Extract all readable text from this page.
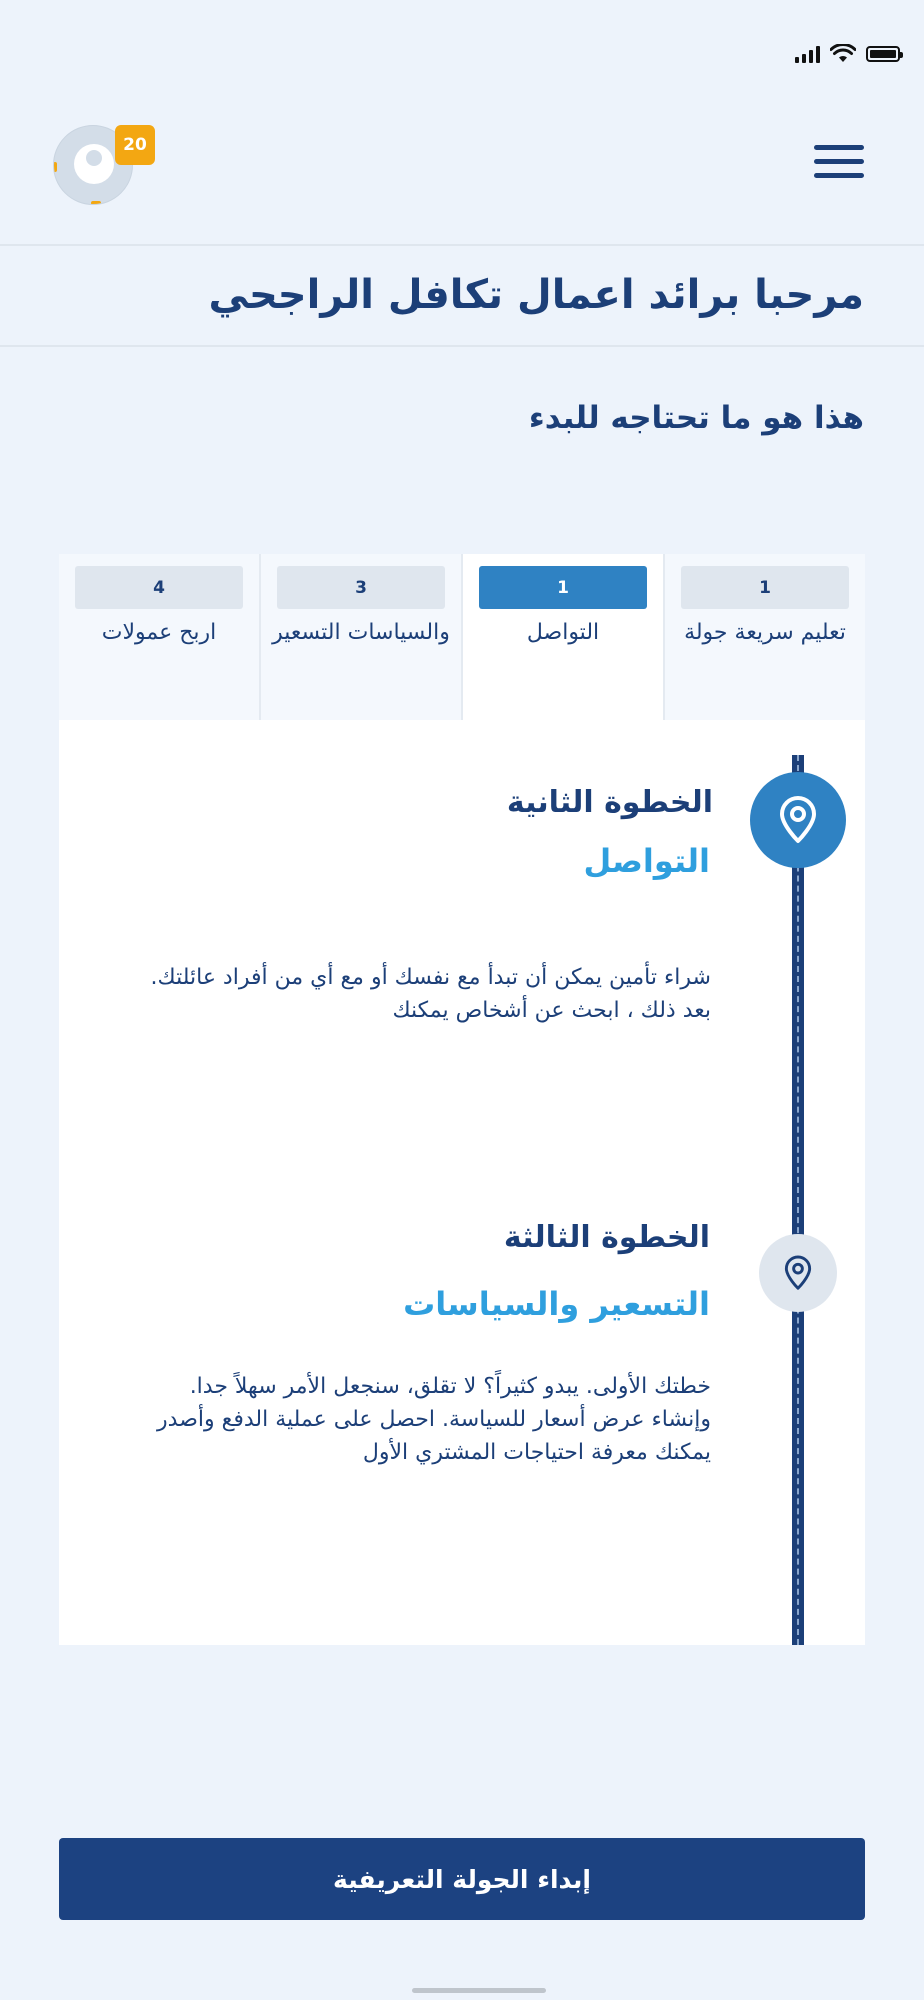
20
مرحبا برائد اعمال تكافل الراجحي
هذا هو ما تحتاجه للبدء
1
تعليم سريعة جولة
1
التواصل
3
والسياسات التسعير
4
اربح عمولات
الخطوة الثانية
التواصل
شراء تأمين يمكن أن تبدأ مع نفسك أو مع أي من أفراد عائلتك.
بعد ذلك ، ابحث عن أشخاص يمكنك
الخطوة الثالثة
التسعير والسياسات
خطتك الأولى. يبدو كثيراً؟ لا تقلق، سنجعل الأمر سهلاً جدا.
وإنشاء عرض أسعار للسياسة. احصل على عملية الدفع وأصدر
يمكنك معرفة احتياجات المشتري الأول
إبداء الجولة التعريفية
